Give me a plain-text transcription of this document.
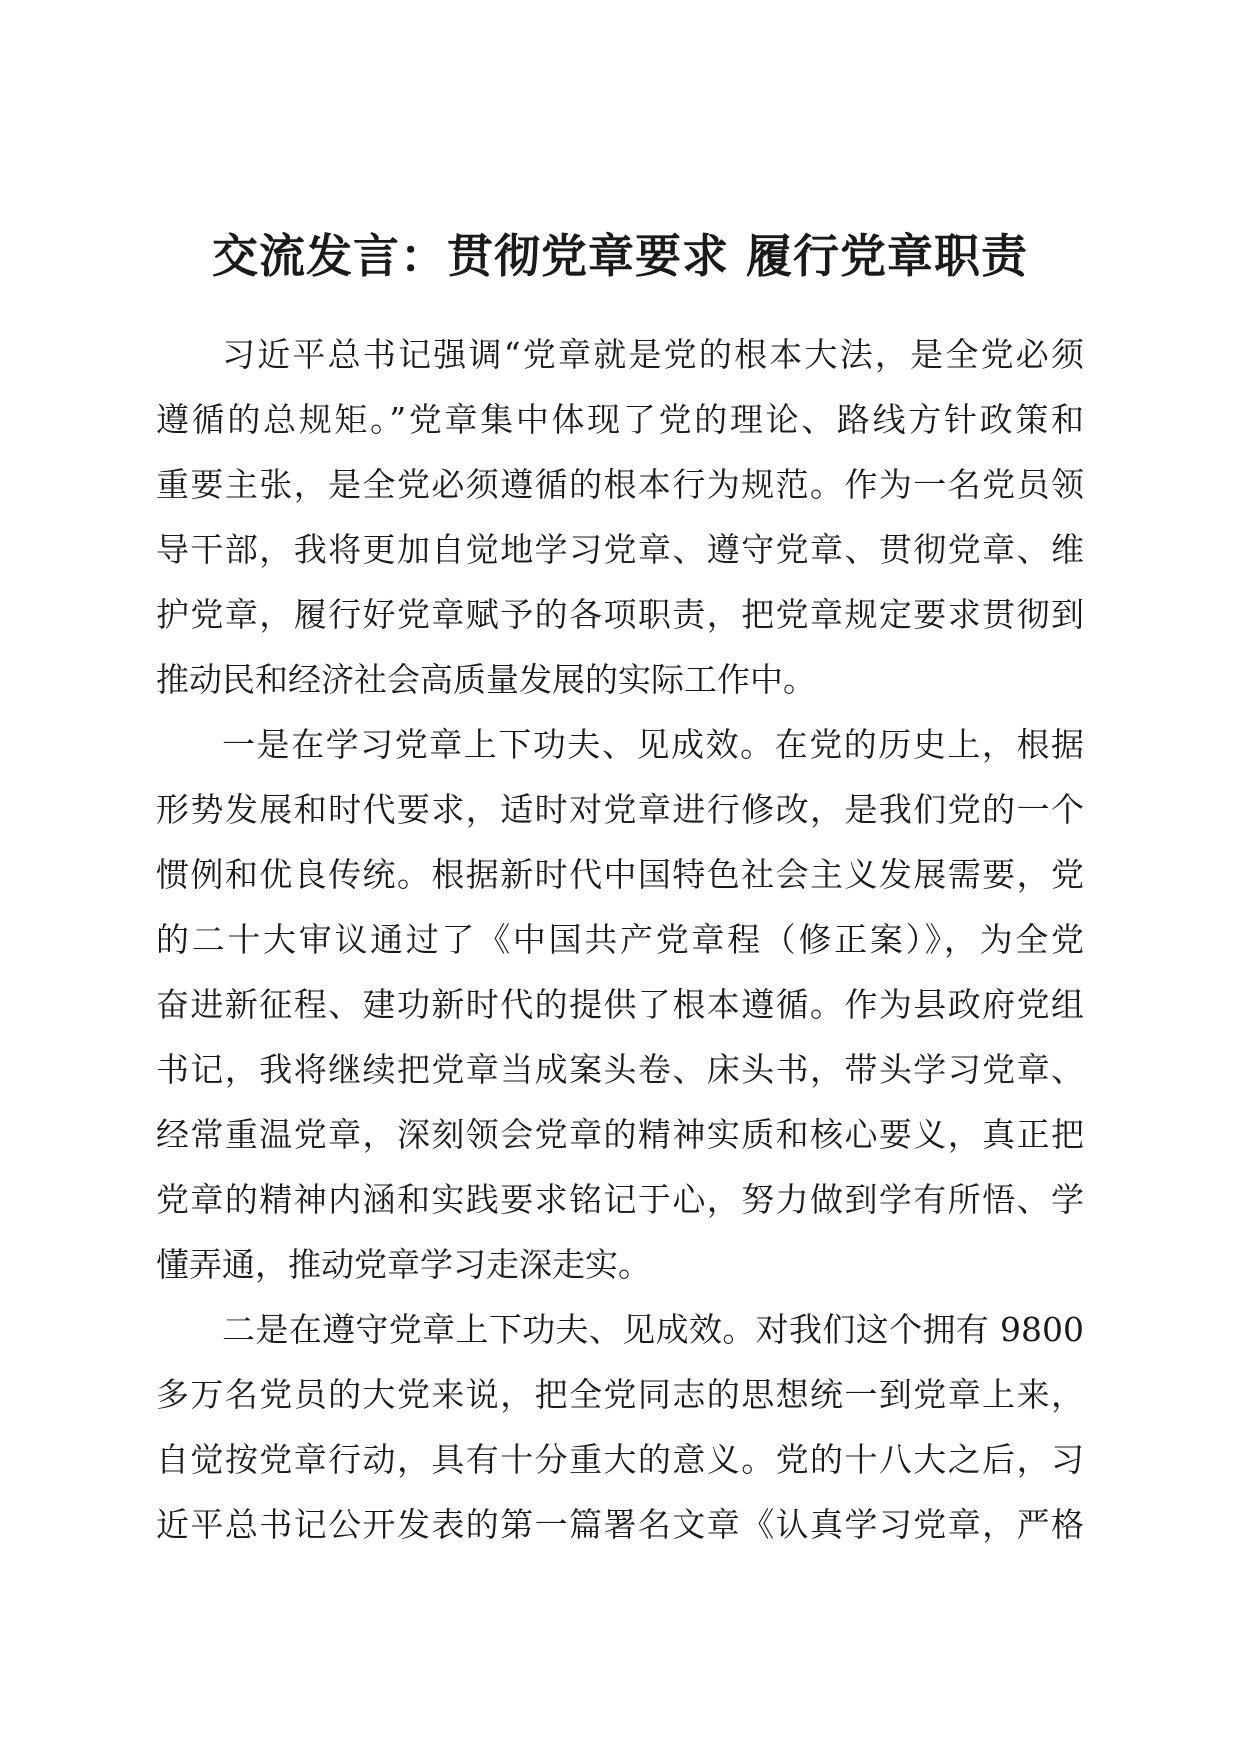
交流发言：贯彻党章要求 履行党章职责
习近平总书记强调“党章就是党的根本大法，是全党必须
遵循的总规矩。”党章集中体现了党的理论、路线方针政策和
重要主张，是全党必须遵循的根本行为规范。作为一名党员领
导干部，我将更加自觉地学习党章、遵守党章、贯彻党章、维
护党章，履行好党章赋予的各项职责，把党章规定要求贯彻到
推动民和经济社会高质量发展的实际工作中。
一是在学习党章上下功夫、见成效。在党的历史上，根据
形势发展和时代要求，适时对党章进行修改，是我们党的一个
惯例和优良传统。根据新时代中国特色社会主义发展需要，党
的二十大审议通过了《中国共产党章程（修正案）》，为全党
奋进新征程、建功新时代的提供了根本遵循。作为县政府党组
书记，我将继续把党章当成案头卷、床头书，带头学习党章、
经常重温党章，深刻领会党章的精神实质和核心要义，真正把
党章的精神内涵和实践要求铭记于心，努力做到学有所悟、学
懂弄通，推动党章学习走深走实。
二是在遵守党章上下功夫、见成效。对我们这个拥有 9800
多万名党员的大党来说，把全党同志的思想统一到党章上来，
自觉按党章行动，具有十分重大的意义。党的十八大之后，习
近平总书记公开发表的第一篇署名文章《认真学习党章，严格
